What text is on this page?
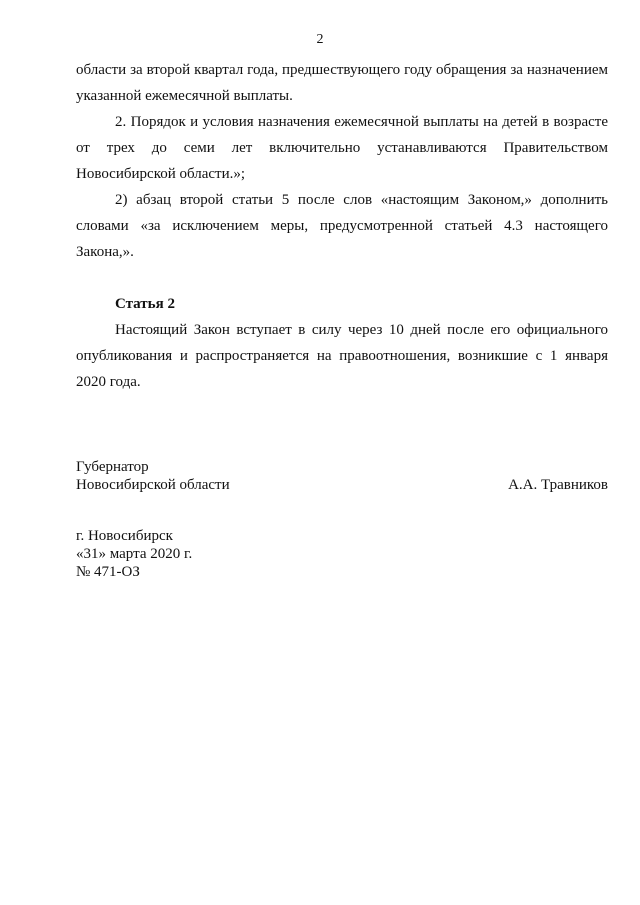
2

области за второй квартал года, предшествующего году обращения за назначением указанной ежемесячной выплаты.

2. Порядок и условия назначения ежемесячной выплаты на детей в возрасте от трех до семи лет включительно устанавливаются Правительством Новосибирской области.»;

2) абзац второй статьи 5 после слов «настоящим Законом,» дополнить словами «за исключением меры, предусмотренной статьей 4.3 настоящего Закона,».

Статья 2

Настоящий Закон вступает в силу через 10 дней после его официального опубликования и распространяется на правоотношения, возникшие с 1 января 2020 года.

Губернатор
Новосибирской области	А.А. Травников
г. Новосибирск
«31» марта 2020 г.
№ 471-ОЗ
